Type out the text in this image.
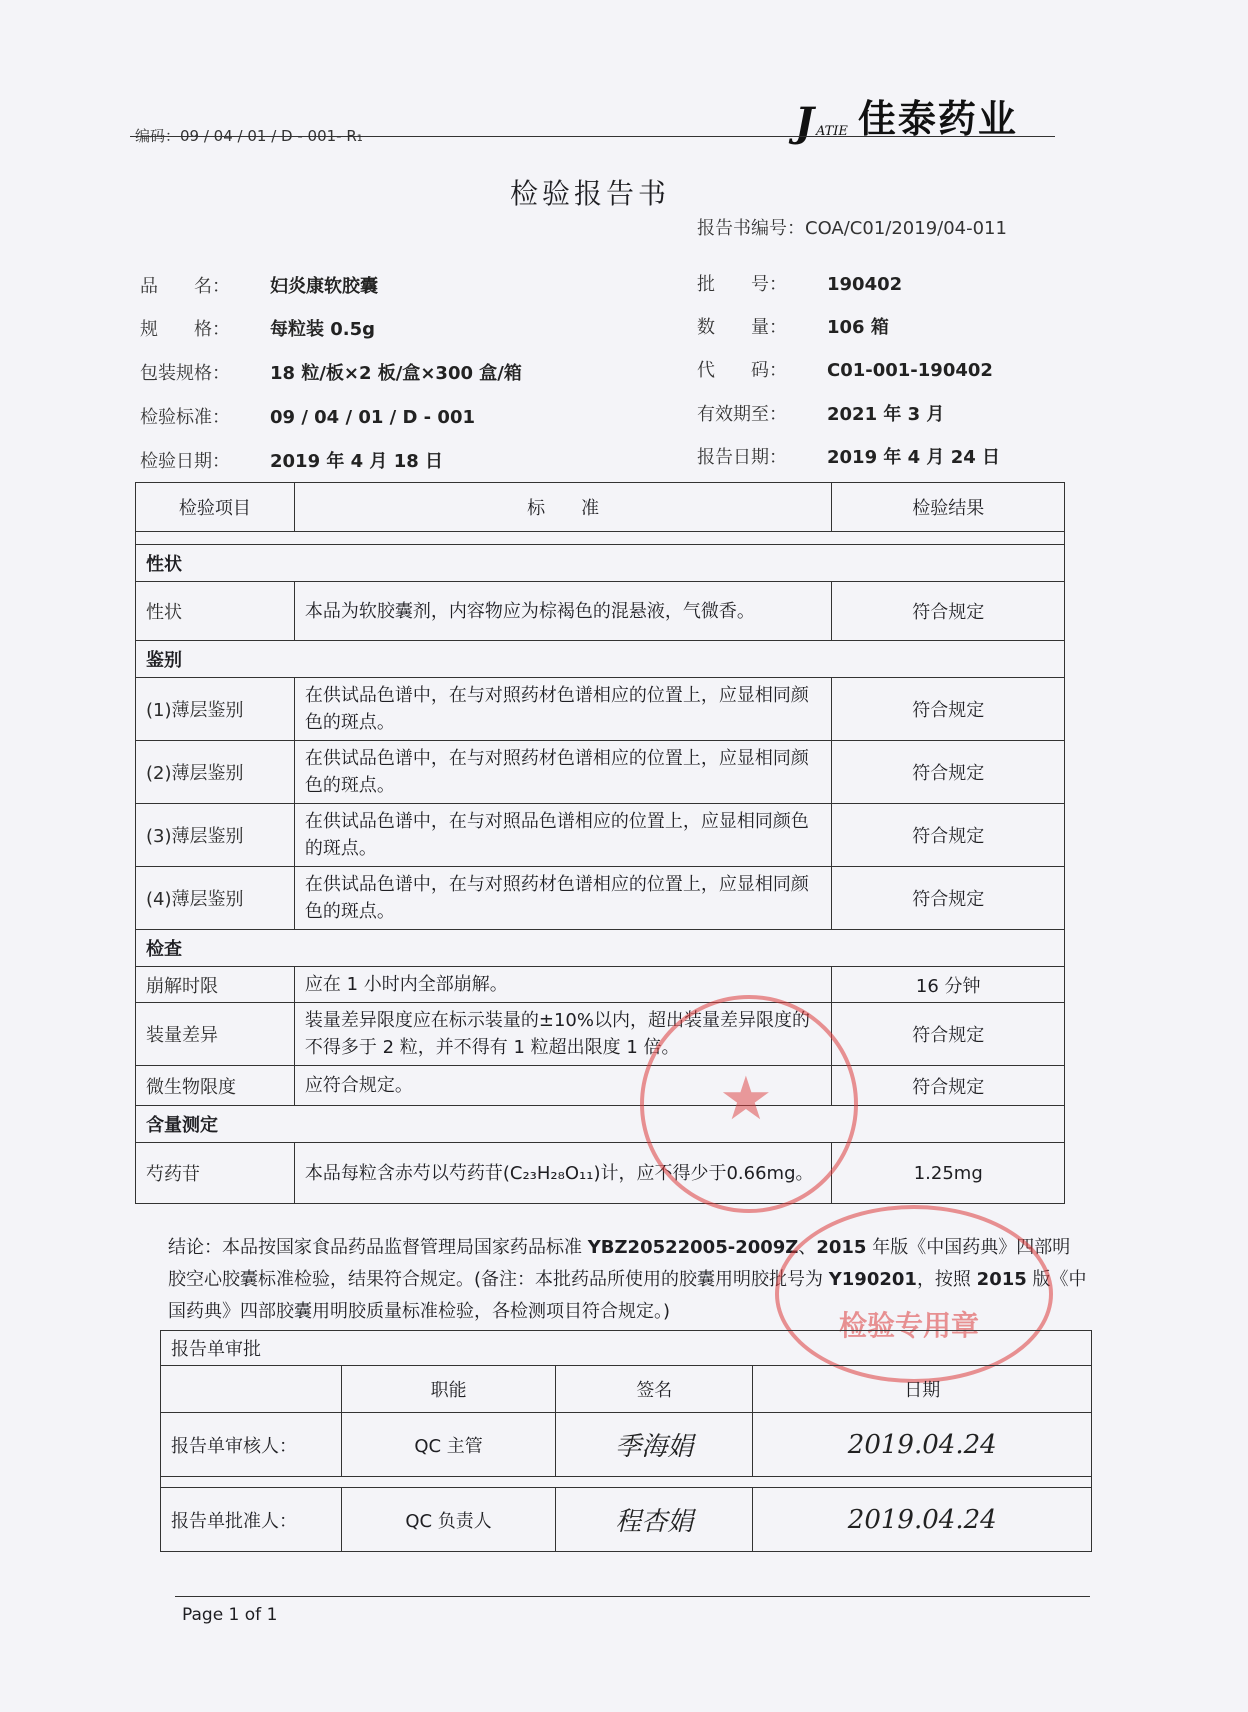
编码：09 / 04 / 01 / D - 001- R₁	J ATIE 佳泰药业
检验报告书
报告书编号：COA/C01/2019/04-011
品　　名： 妇炎康软胶囊
规　　格： 每粒装 0.5g
包装规格： 18 粒/板×2 板/盒×300 盒/箱
检验标准： 09 / 04 / 01 / D - 001
检验日期： 2019 年 4 月 18 日
批　　号： 190402
数　　量： 106 箱
代　　码： C01-001-190402
有效期至： 2021 年 3 月
报告日期： 2019 年 4 月 24 日
检验项目	标　　准	检验结果

性状		
性状	本品为软胶囊剂，内容物应为棕褐色的混悬液，气微香。	符合规定
鉴别		
(1)薄层鉴别	在供试品色谱中，在与对照药材色谱相应的位置上，应显相同颜色的斑点。	符合规定
(2)薄层鉴别	在供试品色谱中，在与对照药材色谱相应的位置上，应显相同颜色的斑点。	符合规定
(3)薄层鉴别	在供试品色谱中，在与对照品色谱相应的位置上，应显相同颜色的斑点。	符合规定
(4)薄层鉴别	在供试品色谱中，在与对照药材色谱相应的位置上，应显相同颜色的斑点。	符合规定
检查		
崩解时限	应在 1 小时内全部崩解。	16 分钟
装量差异	装量差异限度应在标示装量的±10%以内，超出装量差异限度的不得多于 2 粒，并不得有 1 粒超出限度 1 倍。	符合规定
微生物限度	应符合规定。	符合规定
含量测定		
芍药苷	本品每粒含赤芍以芍药苷(C₂₃H₂₈O₁₁)计，应不得少于0.66mg。	1.25mg
★
结论：本品按国家食品药品监督管理局国家药品标准 YBZ20522005-2009Z、2015 年版《中国药典》四部明胶空心胶囊标准检验，结果符合规定。(备注：本批药品所使用的胶囊用明胶批号为 Y190201，按照 2015 版《中国药典》四部胶囊用明胶质量标准检验，各检测项目符合规定。)	检验专用章
报告单审批			
	职能	签名	日期
报告单审核人：	QC 主管	季海娟	2019.04.24

报告单批准人：	QC 负责人	程杏娟	2019.04.24
Page 1 of 1
